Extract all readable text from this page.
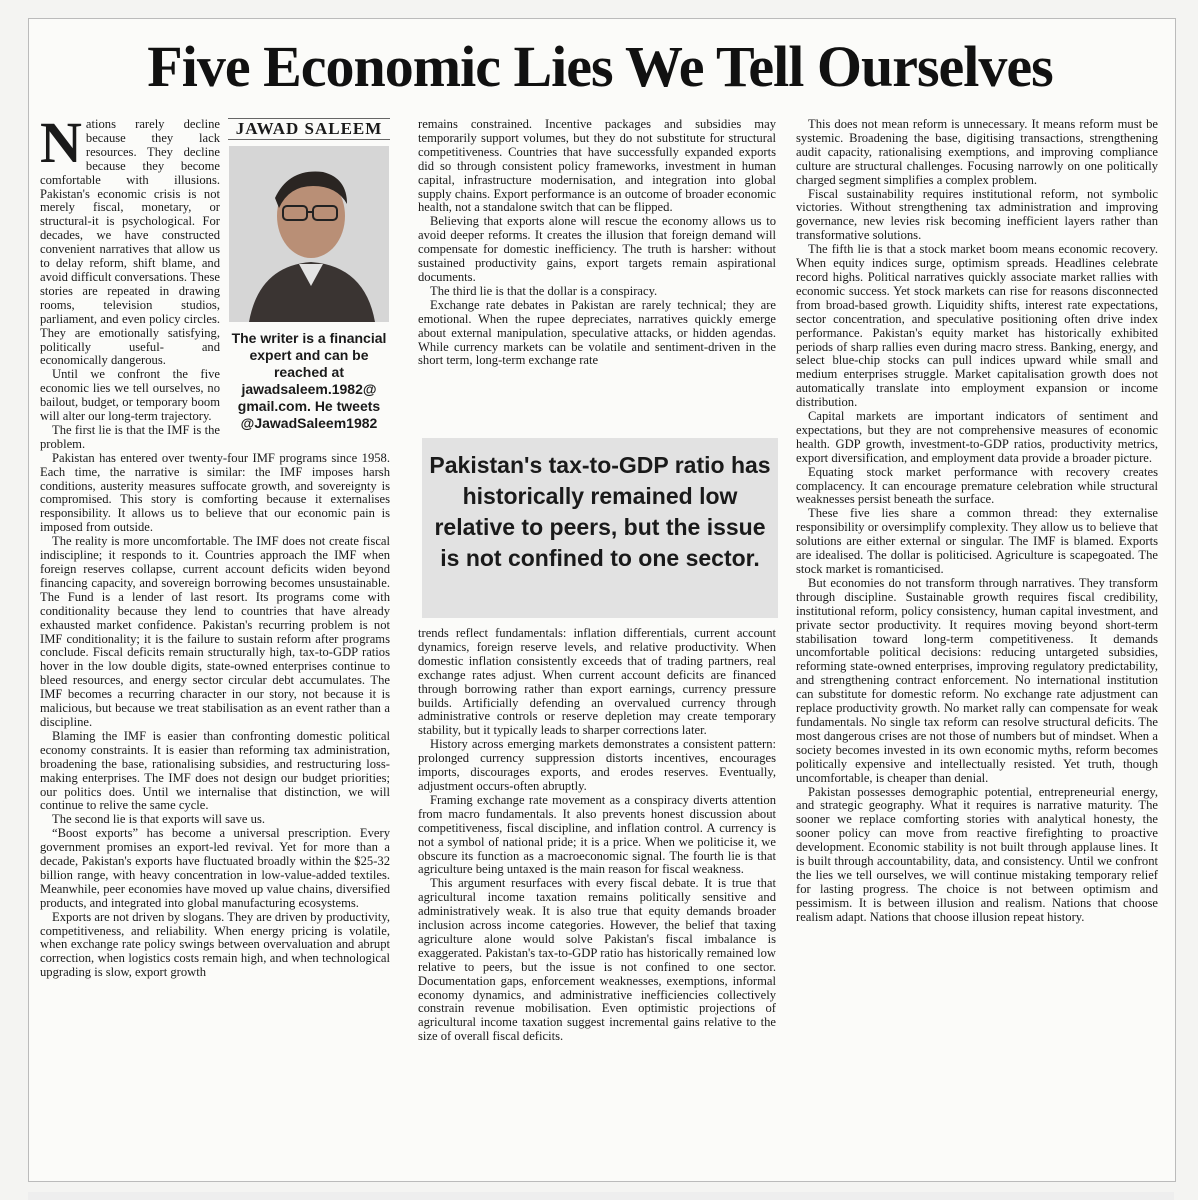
Five Economic Lies We Tell Ourselves
JAWAD SALEEM
The writer is a financial expert and can be reached at jawadsaleem.1982@ gmail.com. He tweets @JawadSaleem1982

Nations rarely decline because they lack resources. They decline because they become comfortable with illusions. Pakistan's economic crisis is not merely fiscal, monetary, or structural-it is psychological. For decades, we have constructed convenient narratives that allow us to delay reform, shift blame, and avoid difficult conversations. These stories are repeated in drawing rooms, television studios, parliament, and even policy circles. They are emotionally satisfying, politically useful- and economically dangerous.

Until we confront the five economic lies we tell ourselves, no bailout, budget, or temporary boom will alter our long-term trajectory.

The first lie is that the IMF is the problem.

Pakistan has entered over twenty-four IMF programs since 1958. Each time, the narrative is similar: the IMF imposes harsh conditions, austerity measures suffocate growth, and sovereignty is compromised. This story is comforting because it externalises responsibility. It allows us to believe that our economic pain is imposed from outside.

The reality is more uncomfortable. The IMF does not create fiscal indiscipline; it responds to it. Countries approach the IMF when foreign reserves collapse, current account deficits widen beyond financing capacity, and sovereign borrowing becomes unsustainable. The Fund is a lender of last resort. Its programs come with conditionality because they lend to countries that have already exhausted market confidence. Pakistan's recurring problem is not IMF conditionality; it is the failure to sustain reform after programs conclude. Fiscal deficits remain structurally high, tax-to-GDP ratios hover in the low double digits, state-owned enterprises continue to bleed resources, and energy sector circular debt accumulates. The IMF becomes a recurring character in our story, not because it is malicious, but because we treat stabilisation as an event rather than a discipline.

Blaming the IMF is easier than confronting domestic political economy constraints. It is easier than reforming tax administration, broadening the base, rationalising subsidies, and restructuring loss-making enterprises. The IMF does not design our budget priorities; our politics does. Until we internalise that distinction, we will continue to relive the same cycle.

The second lie is that exports will save us.

“Boost exports” has become a universal prescription. Every government promises an export-led revival. Yet for more than a decade, Pakistan's exports have fluctuated broadly within the $25-32 billion range, with heavy concentration in low-value-added textiles. Meanwhile, peer economies have moved up value chains, diversified products, and integrated into global manufacturing ecosystems.

Exports are not driven by slogans. They are driven by productivity, competitiveness, and reliability. When energy pricing is volatile, when exchange rate policy swings between overvaluation and abrupt correction, when logistics costs remain high, and when technological upgrading is slow, export growth

remains constrained. Incentive packages and subsidies may temporarily support volumes, but they do not substitute for structural competitiveness. Countries that have successfully expanded exports did so through consistent policy frameworks, investment in human capital, infrastructure modernisation, and integration into global supply chains. Export performance is an outcome of broader economic health, not a standalone switch that can be flipped.

Believing that exports alone will rescue the economy allows us to avoid deeper reforms. It creates the illusion that foreign demand will compensate for domestic inefficiency. The truth is harsher: without sustained productivity gains, export targets remain aspirational documents.

The third lie is that the dollar is a conspiracy.

Exchange rate debates in Pakistan are rarely technical; they are emotional. When the rupee depreciates, narratives quickly emerge about external manipulation, speculative attacks, or hidden agendas. While currency markets can be volatile and sentiment-driven in the short term, long-term exchange rate

Pakistan's tax-to-GDP ratio has historically remained low relative to peers, but the issue is not confined to one sector.

trends reflect fundamentals: inflation differentials, current account dynamics, foreign reserve levels, and relative productivity. When domestic inflation consistently exceeds that of trading partners, real exchange rates adjust. When current account deficits are financed through borrowing rather than export earnings, currency pressure builds. Artificially defending an overvalued currency through administrative controls or reserve depletion may create temporary stability, but it typically leads to sharper corrections later.

History across emerging markets demonstrates a consistent pattern: prolonged currency suppression distorts incentives, encourages imports, discourages exports, and erodes reserves. Eventually, adjustment occurs-often abruptly.

Framing exchange rate movement as a conspiracy diverts attention from macro fundamentals. It also prevents honest discussion about competitiveness, fiscal discipline, and inflation control. A currency is not a symbol of national pride; it is a price. When we politicise it, we obscure its function as a macroeconomic signal. The fourth lie is that agriculture being untaxed is the main reason for fiscal weakness.

This argument resurfaces with every fiscal debate. It is true that agricultural income taxation remains politically sensitive and administratively weak. It is also true that equity demands broader inclusion across income categories. However, the belief that taxing agriculture alone would solve Pakistan's fiscal imbalance is exaggerated. Pakistan's tax-to-GDP ratio has historically remained low relative to peers, but the issue is not confined to one sector. Documentation gaps, enforcement weaknesses, exemptions, informal economy dynamics, and administrative inefficiencies collectively constrain revenue mobilisation. Even optimistic projections of agricultural income taxation suggest incremental gains relative to the size of overall fiscal deficits.

This does not mean reform is unnecessary. It means reform must be systemic. Broadening the base, digitising transactions, strengthening audit capacity, rationalising exemptions, and improving compliance culture are structural challenges. Focusing narrowly on one politically charged segment simplifies a complex problem.

Fiscal sustainability requires institutional reform, not symbolic victories. Without strengthening tax administration and improving governance, new levies risk becoming inefficient layers rather than transformative solutions.

The fifth lie is that a stock market boom means economic recovery. When equity indices surge, optimism spreads. Headlines celebrate record highs. Political narratives quickly associate market rallies with economic success. Yet stock markets can rise for reasons disconnected from broad-based growth. Liquidity shifts, interest rate expectations, sector concentration, and speculative positioning often drive index performance. Pakistan's equity market has historically exhibited periods of sharp rallies even during macro stress. Banking, energy, and select blue-chip stocks can pull indices upward while small and medium enterprises struggle. Market capitalisation growth does not automatically translate into employment expansion or income distribution.

Capital markets are important indicators of sentiment and expectations, but they are not comprehensive measures of economic health. GDP growth, investment-to-GDP ratios, productivity metrics, export diversification, and employment data provide a broader picture.

Equating stock market performance with recovery creates complacency. It can encourage premature celebration while structural weaknesses persist beneath the surface.

These five lies share a common thread: they externalise responsibility or oversimplify complexity. They allow us to believe that solutions are either external or singular. The IMF is blamed. Exports are idealised. The dollar is politicised. Agriculture is scapegoated. The stock market is romanticised.

But economies do not transform through narratives. They transform through discipline. Sustainable growth requires fiscal credibility, institutional reform, policy consistency, human capital investment, and private sector productivity. It requires moving beyond short-term stabilisation toward long-term competitiveness. It demands uncomfortable political decisions: reducing untargeted subsidies, reforming state-owned enterprises, improving regulatory predictability, and strengthening contract enforcement. No international institution can substitute for domestic reform. No exchange rate adjustment can replace productivity growth. No market rally can compensate for weak fundamentals. No single tax reform can resolve structural deficits. The most dangerous crises are not those of numbers but of mindset. When a society becomes invested in its own economic myths, reform becomes politically expensive and intellectually resisted. Yet truth, though uncomfortable, is cheaper than denial.

Pakistan possesses demographic potential, entrepreneurial energy, and strategic geography. What it requires is narrative maturity. The sooner we replace comforting stories with analytical honesty, the sooner policy can move from reactive firefighting to proactive development. Economic stability is not built through applause lines. It is built through accountability, data, and consistency. Until we confront the lies we tell ourselves, we will continue mistaking temporary relief for lasting progress. The choice is not between optimism and pessimism. It is between illusion and realism. Nations that choose realism adapt. Nations that choose illusion repeat history.
